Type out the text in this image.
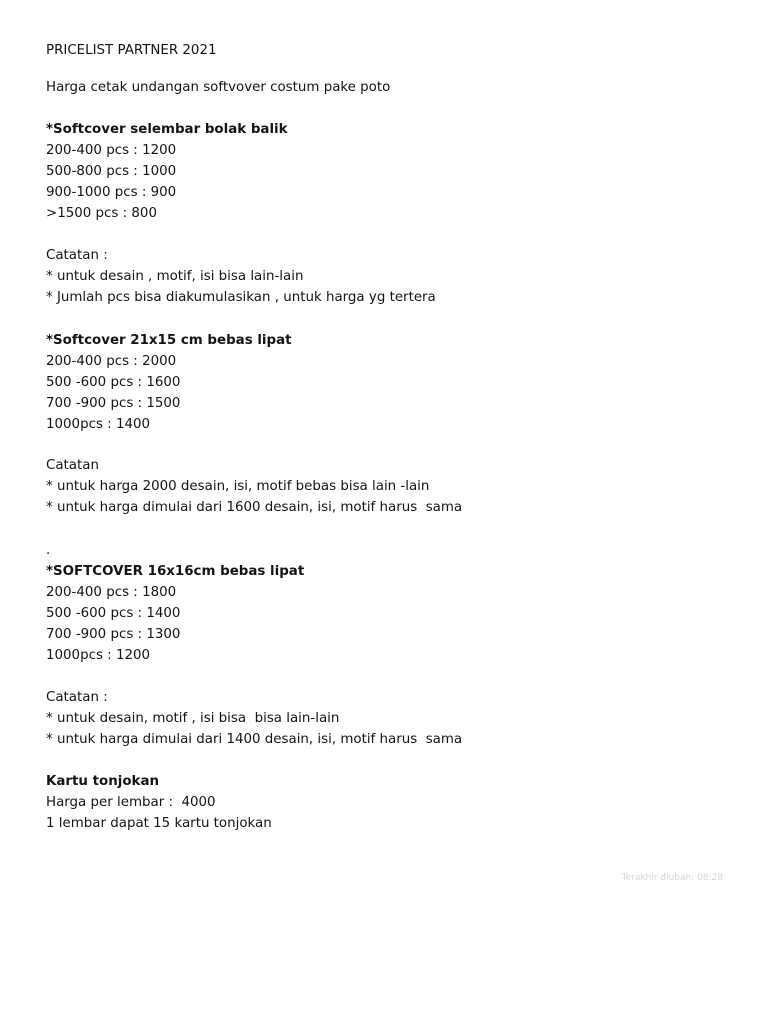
PRICELIST PARTNER 2021
Harga cetak undangan softvover costum pake poto
*Softcover selembar bolak balik
200-400 pcs : 1200
500-800 pcs : 1000
900-1000 pcs : 900
>1500 pcs : 800
Catatan :
* untuk desain , motif, isi bisa lain-lain
* Jumlah pcs bisa diakumulasikan , untuk harga yg tertera
*Softcover 21x15 cm bebas lipat
200-400 pcs : 2000
500 -600 pcs : 1600
700 -900 pcs : 1500
1000pcs : 1400
Catatan
* untuk harga 2000 desain, isi, motif bebas bisa lain -lain
* untuk harga dimulai dari 1600 desain, isi, motif harus  sama
.
*SOFTCOVER 16x16cm bebas lipat
200-400 pcs : 1800
500 -600 pcs : 1400
700 -900 pcs : 1300
1000pcs : 1200
Catatan :
* untuk desain, motif , isi bisa  bisa lain-lain
* untuk harga dimulai dari 1400 desain, isi, motif harus  sama
Kartu tonjokan
Harga per lembar :  4000
1 lembar dapat 15 kartu tonjokan
Terakhir diubah: 08:28
